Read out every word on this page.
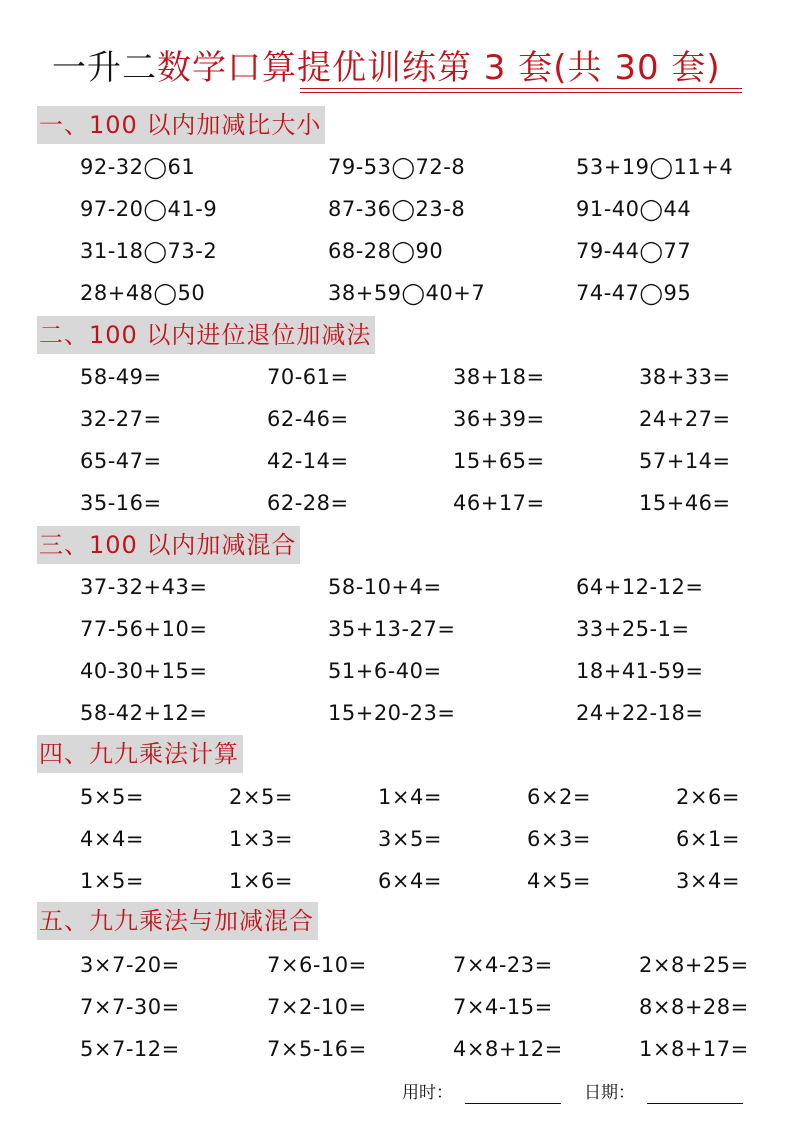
一升二数学口算提优训练第 3 套(共 30 套)
一、100 以内加减比大小
92-32◯61	79-53◯72-8	53+19◯11+4
97-20◯41-9	87-36◯23-8	91-40◯44
31-18◯73-2	68-28◯90	79-44◯77
28+48◯50	38+59◯40+7	74-47◯95
二、100 以内进位退位加减法
58-49=	70-61=	38+18=	38+33=
32-27=	62-46=	36+39=	24+27=
65-47=	42-14=	15+65=	57+14=
35-16=	62-28=	46+17=	15+46=
三、100 以内加减混合
37-32+43=	58-10+4=	64+12-12=
77-56+10=	35+13-27=	33+25-1=
40-30+15=	51+6-40=	18+41-59=
58-42+12=	15+20-23=	24+22-18=
四、九九乘法计算
5×5=	2×5=	1×4=	6×2=	2×6=
4×4=	1×3=	3×5=	6×3=	6×1=
1×5=	1×6=	6×4=	4×5=	3×4=
五、九九乘法与加减混合
3×7-20=	7×6-10=	7×4-23=	2×8+25=
7×7-30=	7×2-10=	7×4-15=	8×8+28=
5×7-12=	7×5-16=	4×8+12=	1×8+17=
用时：	日期：
